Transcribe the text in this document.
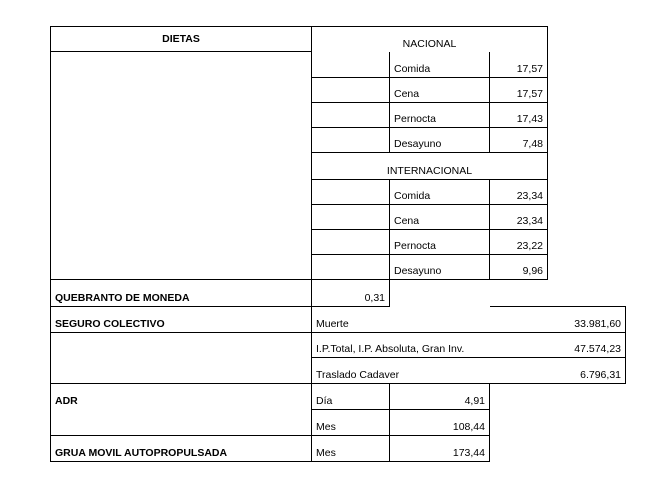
DIETAS	NACIONAL
Comida	17,57
Cena	17,57
Pernocta	17,43
Desayuno	7,48
INTERNACIONAL
Comida	23,34
Cena	23,34
Pernocta	23,22
Desayuno	9,96
QUEBRANTO DE MONEDA	0,31
SEGURO COLECTIVO	Muerte	33.981,60
I.P.Total, I.P. Absoluta, Gran Inv.	47.574,23
Traslado Cadaver	6.796,31
ADR	Día	4,91
Mes	108,44
GRUA MOVIL AUTOPROPULSADA	Mes	173,44
